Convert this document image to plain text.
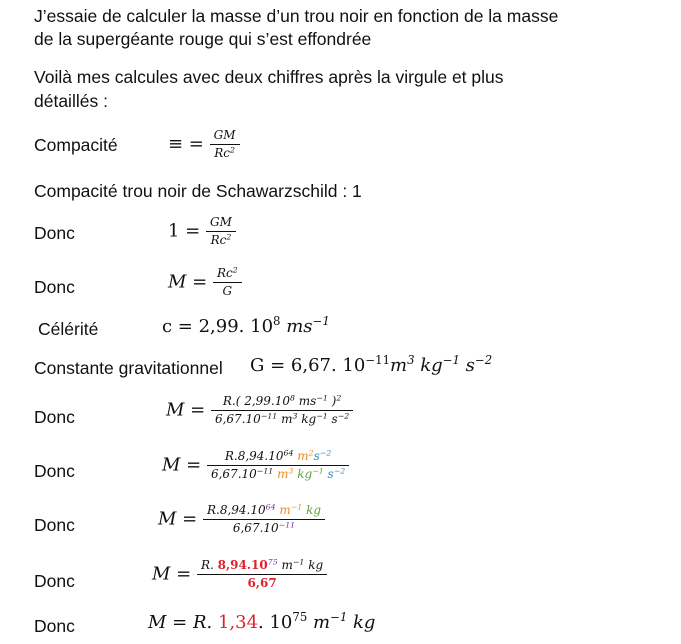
J’essaie de calculer la masse d’un trou noir en fonction de la masse
de la supergéante rouge qui s’est effondrée
Voilà mes calcules avec deux chiffres après la virgule et plus
détaillés :
Compacité	≡ = $\frac{GM}{Rc^2}$
Compacité trou noir de Schawarzschild : 1
Donc	$1 = \frac{GM}{Rc^2}$
Donc	$M = \frac{Rc^2}{G}$
Célérité	c = 2,99. $10^8$ $ms^{-1}$
Constante gravitationnel G = 6,67. $10^{-11}m^3$ $kg^{-1}$ $s^{-2}$
Donc	$M = \frac{R.( 2,99.10^8 ms^{-1} )^2}{6,67.10^{-11} m^3 kg^{-1} s^{-2}}$
Donc	$M = \frac{R.8,94.10^{64} m^2s^{-2}}{6,67.10^{-11} m^3 kg^{-1} s^{-2}}$
Donc	$M = \frac{R.8,94.10^{64} m^{-1} kg}{6,67.10^{-11}}$
Donc	$M = \frac{R. 8,94.10^{75} m^{-1} kg}{6,67}$
Donc	M = R. 1,34. $10^{75}$ $m^{-1}$ kg
